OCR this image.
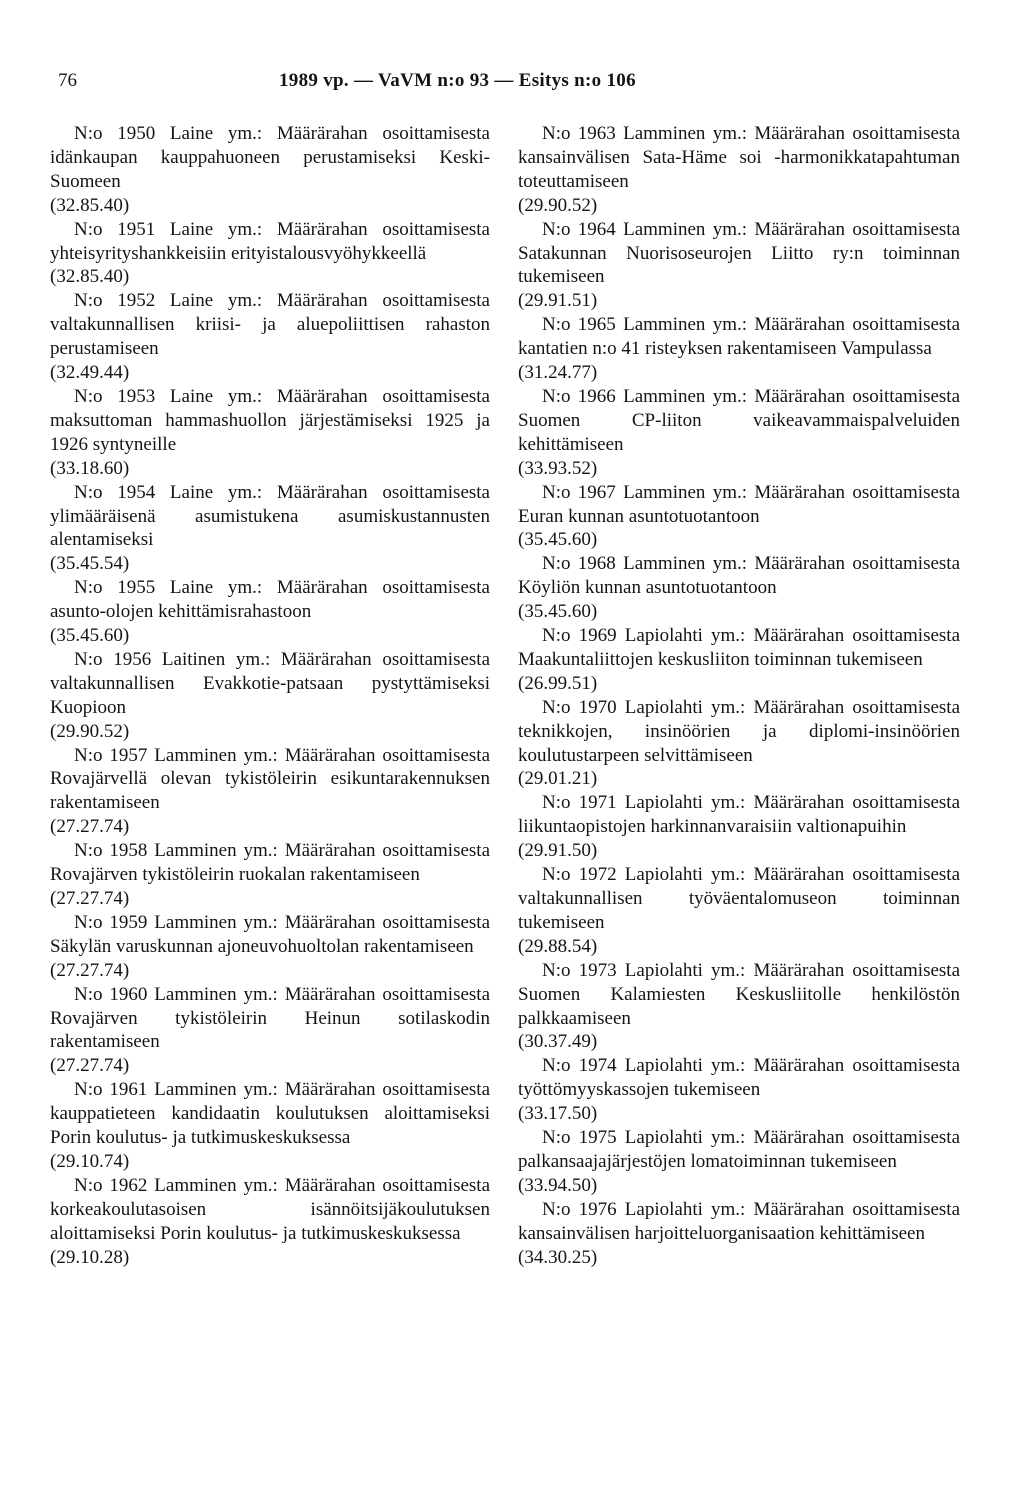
76	1989 vp. — VaVM n:o 93 — Esitys n:o 106

N:o 1950 Laine ym.: Määrärahan osoittamisesta idänkaupan kauppahuoneen perustamiseksi Keski-Suomeen

(32.85.40)

N:o 1951 Laine ym.: Määrärahan osoittamisesta yhteisyrityshankkeisiin erityistalousvyöhykkeellä

(32.85.40)

N:o 1952 Laine ym.: Määrärahan osoittamisesta valtakunnallisen kriisi- ja aluepoliittisen rahaston perustamiseen

(32.49.44)

N:o 1953 Laine ym.: Määrärahan osoittamisesta maksuttoman hammashuollon järjestämiseksi 1925 ja 1926 syntyneille

(33.18.60)

N:o 1954 Laine ym.: Määrärahan osoittamisesta ylimääräisenä asumistukena asumiskustannusten alentamiseksi

(35.45.54)

N:o 1955 Laine ym.: Määrärahan osoittamisesta asunto-olojen kehittämisrahastoon

(35.45.60)

N:o 1956 Laitinen ym.: Määrärahan osoittamisesta valtakunnallisen Evakkotie-patsaan pystyttämiseksi Kuopioon

(29.90.52)

N:o 1957 Lamminen ym.: Määrärahan osoittamisesta Rovajärvellä olevan tykistöleirin esikuntarakennuksen rakentamiseen

(27.27.74)

N:o 1958 Lamminen ym.: Määrärahan osoittamisesta Rovajärven tykistöleirin ruokalan rakentamiseen

(27.27.74)

N:o 1959 Lamminen ym.: Määrärahan osoittamisesta Säkylän varuskunnan ajoneuvohuoltolan rakentamiseen

(27.27.74)

N:o 1960 Lamminen ym.: Määrärahan osoittamisesta Rovajärven tykistöleirin Heinun sotilaskodin rakentamiseen

(27.27.74)

N:o 1961 Lamminen ym.: Määrärahan osoittamisesta kauppatieteen kandidaatin koulutuksen aloittamiseksi Porin koulutus- ja tutkimuskeskuksessa

(29.10.74)

N:o 1962 Lamminen ym.: Määrärahan osoittamisesta korkeakoulutasoisen isännöitsijäkoulutuksen aloittamiseksi Porin koulutus- ja tutkimuskeskuksessa

(29.10.28)

N:o 1963 Lamminen ym.: Määrärahan osoittamisesta kansainvälisen Sata-Häme soi -harmonikkatapahtuman toteuttamiseen

(29.90.52)

N:o 1964 Lamminen ym.: Määrärahan osoittamisesta Satakunnan Nuorisoseurojen Liitto ry:n toiminnan tukemiseen

(29.91.51)

N:o 1965 Lamminen ym.: Määrärahan osoittamisesta kantatien n:o 41 risteyksen rakentamiseen Vampulassa

(31.24.77)

N:o 1966 Lamminen ym.: Määrärahan osoittamisesta Suomen CP-liiton vaikeavammaispalveluiden kehittämiseen

(33.93.52)

N:o 1967 Lamminen ym.: Määrärahan osoittamisesta Euran kunnan asuntotuotantoon

(35.45.60)

N:o 1968 Lamminen ym.: Määrärahan osoittamisesta Köyliön kunnan asuntotuotantoon

(35.45.60)

N:o 1969 Lapiolahti ym.: Määrärahan osoittamisesta Maakuntaliittojen keskusliiton toiminnan tukemiseen

(26.99.51)

N:o 1970 Lapiolahti ym.: Määrärahan osoittamisesta teknikkojen, insinöörien ja diplomi-insinöörien koulutustarpeen selvittämiseen

(29.01.21)

N:o 1971 Lapiolahti ym.: Määrärahan osoittamisesta liikuntaopistojen harkinnanvaraisiin valtionapuihin

(29.91.50)

N:o 1972 Lapiolahti ym.: Määrärahan osoittamisesta valtakunnallisen työväentalomuseon toiminnan tukemiseen

(29.88.54)

N:o 1973 Lapiolahti ym.: Määrärahan osoittamisesta Suomen Kalamiesten Keskusliitolle henkilöstön palkkaamiseen

(30.37.49)

N:o 1974 Lapiolahti ym.: Määrärahan osoittamisesta työttömyyskassojen tukemiseen

(33.17.50)

N:o 1975 Lapiolahti ym.: Määrärahan osoittamisesta palkansaajajärjestöjen lomatoiminnan tukemiseen

(33.94.50)

N:o 1976 Lapiolahti ym.: Määrärahan osoittamisesta kansainvälisen harjoitteluorganisaation kehittämiseen

(34.30.25)
